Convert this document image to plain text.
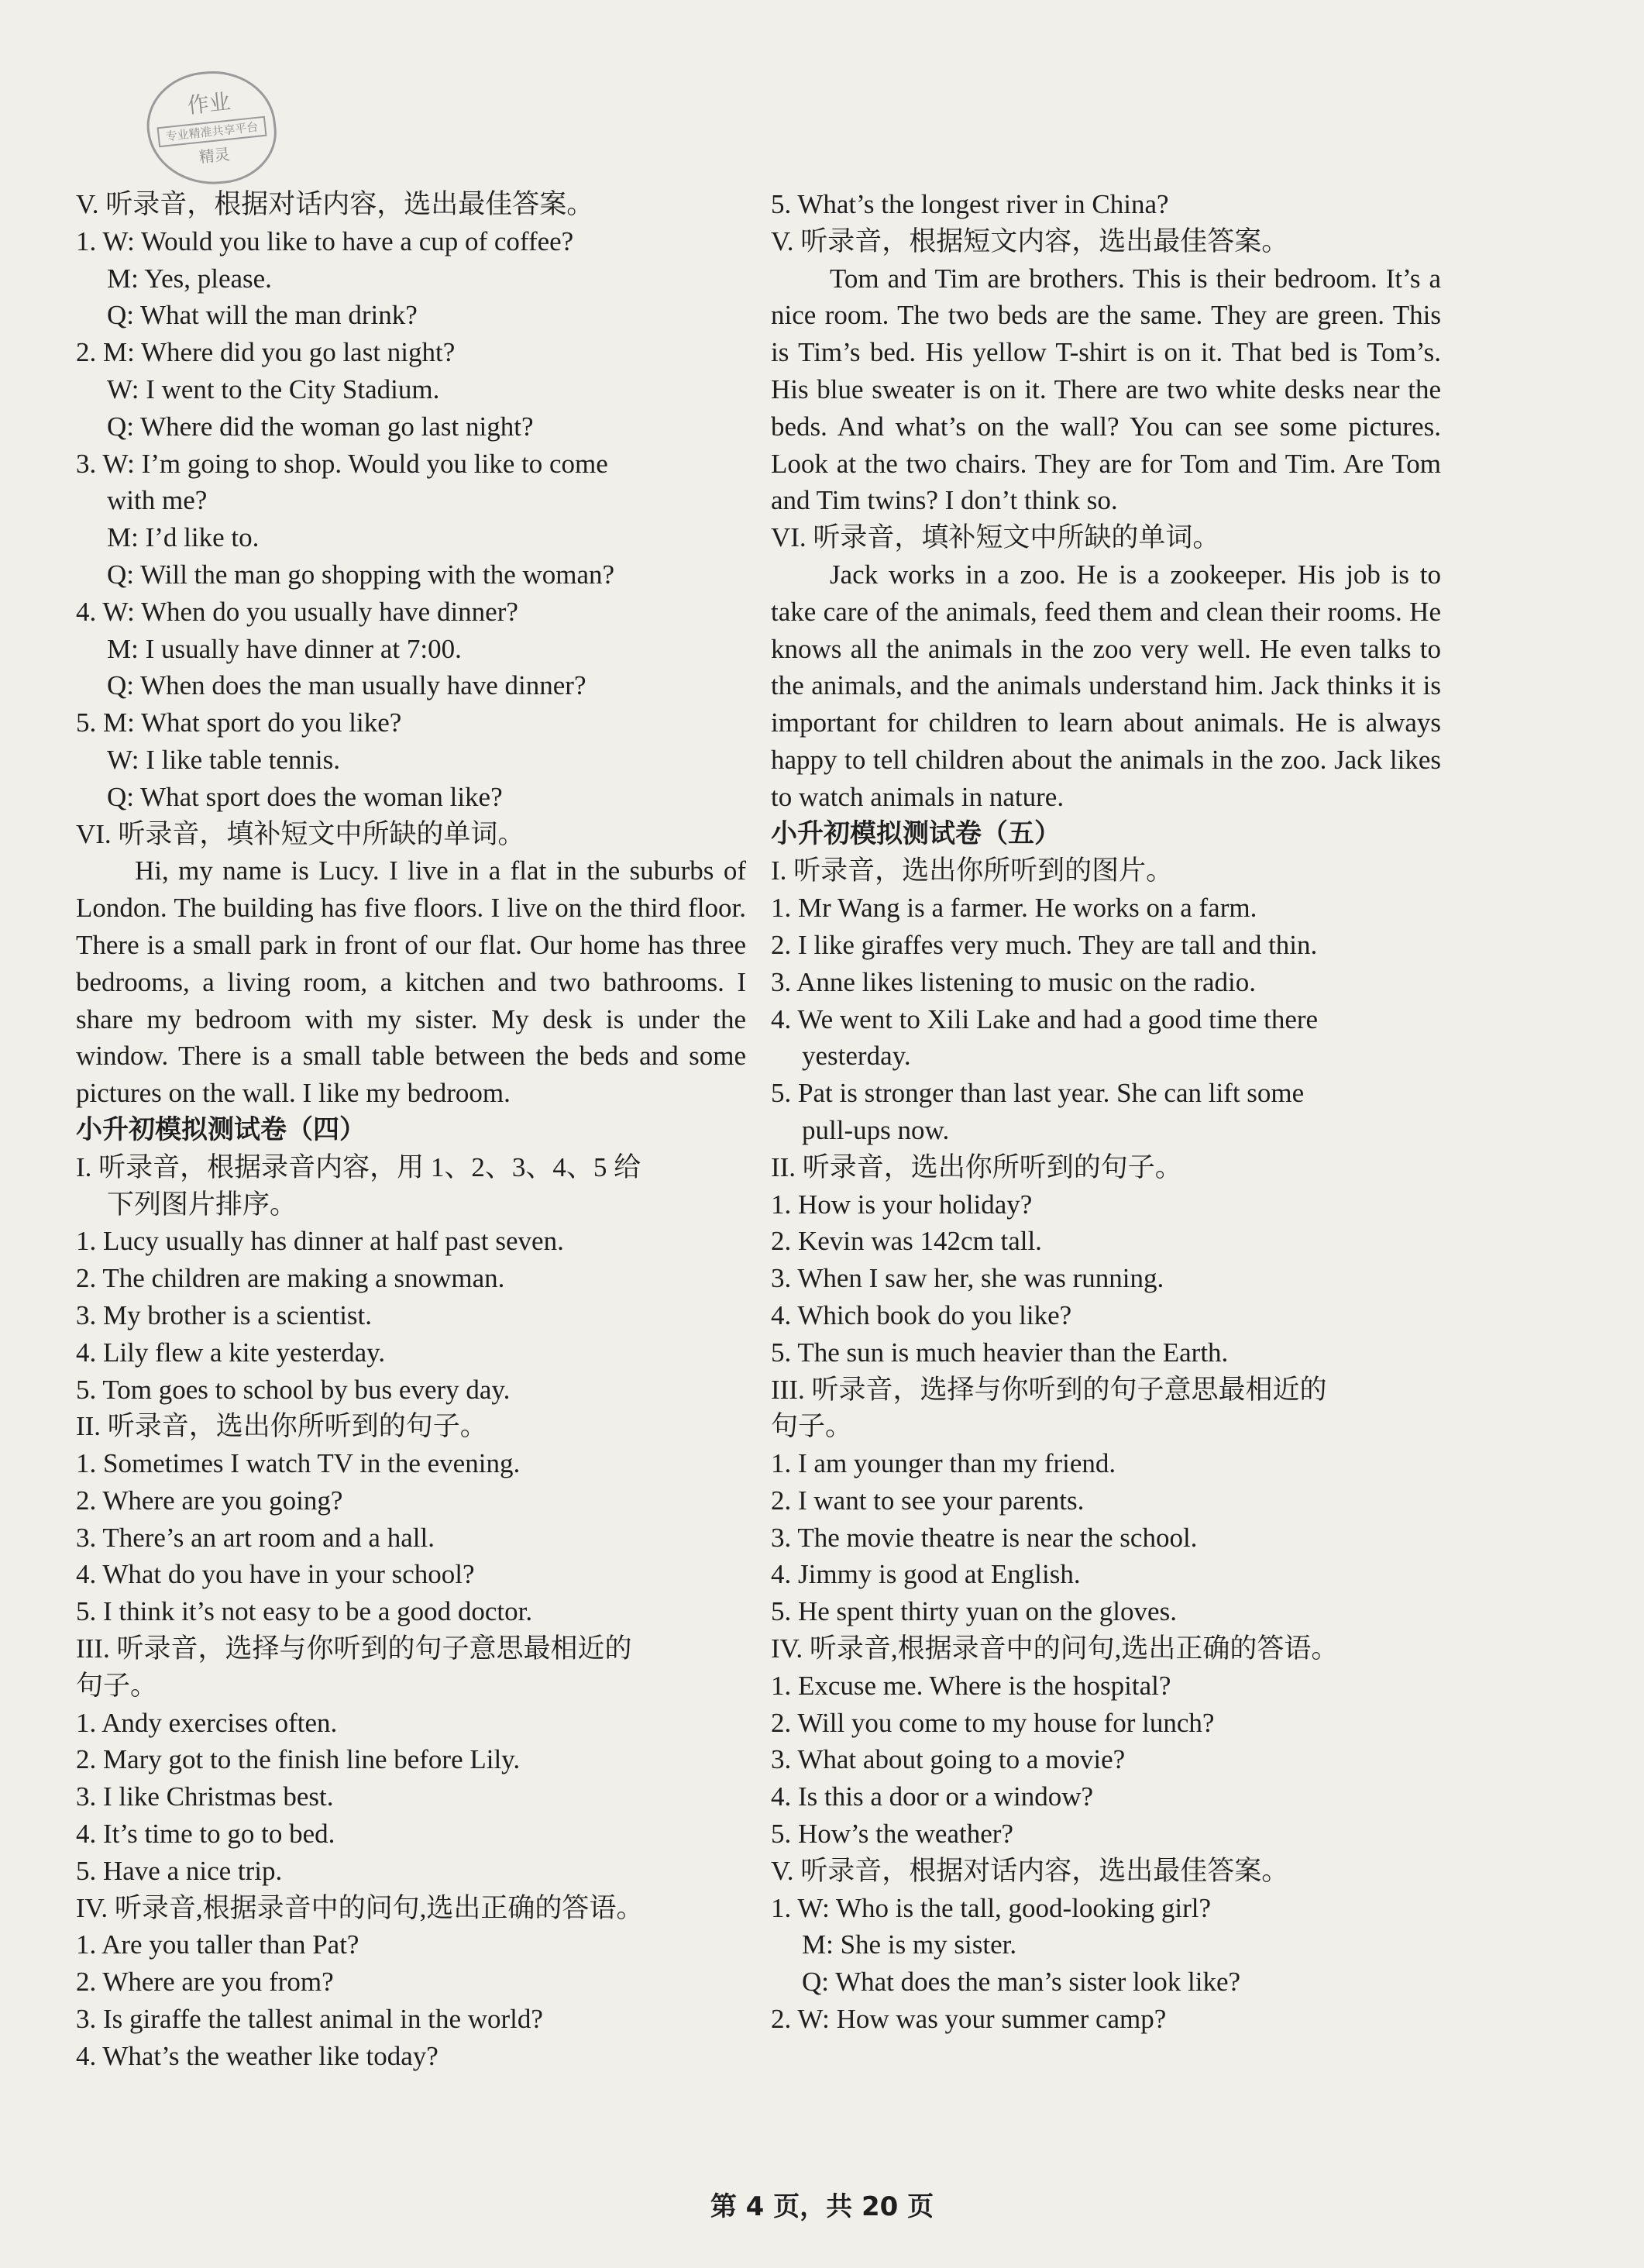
作业
专业精准共享平台
精灵
V. 听录音，根据对话内容，选出最佳答案。
1. W: Would you like to have a cup of coffee?
M: Yes, please.
Q: What will the man drink?
2. M: Where did you go last night?
W: I went to the City Stadium.
Q: Where did the woman go last night?
3. W: I’m going to shop. Would you like to come
with me?
M: I’d like to.
Q: Will the man go shopping with the woman?
4. W: When do you usually have dinner?
M: I usually have dinner at 7:00.
Q: When does the man usually have dinner?
5. M: What sport do you like?
W: I like table tennis.
Q: What sport does the woman like?
VI. 听录音，填补短文中所缺的单词。
Hi, my name is Lucy. I live in a flat in the suburbs of London. The building has five floors. I live on the third floor. There is a small park in front of our flat. Our home has three bedrooms, a living room, a kitchen and two bathrooms. I share my bedroom with my sister. My desk is under the window. There is a small table between the beds and some pictures on the wall. I like my bedroom.
小升初模拟测试卷（四）
I. 听录音，根据录音内容，用 1、2、3、4、5 给
下列图片排序。
1. Lucy usually has dinner at half past seven.
2. The children are making a snowman.
3. My brother is a scientist.
4. Lily flew a kite yesterday.
5. Tom goes to school by bus every day.
II. 听录音，选出你所听到的句子。
1. Sometimes I watch TV in the evening.
2. Where are you going?
3. There’s an art room and a hall.
4. What do you have in your school?
5. I think it’s not easy to be a good doctor.
III. 听录音，选择与你听到的句子意思最相近的
句子。
1. Andy exercises often.
2. Mary got to the finish line before Lily.
3. I like Christmas best.
4. It’s time to go to bed.
5. Have a nice trip.
IV. 听录音,根据录音中的问句,选出正确的答语。
1. Are you taller than Pat?
2. Where are you from?
3. Is giraffe the tallest animal in the world?
4. What’s the weather like today?
5. What’s the longest river in China?
V. 听录音，根据短文内容，选出最佳答案。
Tom and Tim are brothers. This is their bedroom. It’s a nice room. The two beds are the same. They are green. This is Tim’s bed. His yellow T-shirt is on it. That bed is Tom’s. His blue sweater is on it. There are two white desks near the beds. And what’s on the wall? You can see some pictures. Look at the two chairs. They are for Tom and Tim. Are Tom and Tim twins? I don’t think so.
VI. 听录音，填补短文中所缺的单词。
Jack works in a zoo. He is a zookeeper. His job is to take care of the animals, feed them and clean their rooms. He knows all the animals in the zoo very well. He even talks to the animals, and the animals understand him. Jack thinks it is important for children to learn about animals. He is always happy to tell children about the animals in the zoo. Jack likes to watch animals in nature.
小升初模拟测试卷（五）
I. 听录音，选出你所听到的图片。
1. Mr Wang is a farmer. He works on a farm.
2. I like giraffes very much. They are tall and thin.
3. Anne likes listening to music on the radio.
4. We went to Xili Lake and had a good time there
yesterday.
5. Pat is stronger than last year. She can lift some
pull-ups now.
II. 听录音，选出你所听到的句子。
1. How is your holiday?
2. Kevin was 142cm tall.
3. When I saw her, she was running.
4. Which book do you like?
5. The sun is much heavier than the Earth.
III. 听录音，选择与你听到的句子意思最相近的
句子。
1. I am younger than my friend.
2. I want to see your parents.
3. The movie theatre is near the school.
4. Jimmy is good at English.
5. He spent thirty yuan on the gloves.
IV. 听录音,根据录音中的问句,选出正确的答语。
1. Excuse me. Where is the hospital?
2. Will you come to my house for lunch?
3. What about going to a movie?
4. Is this a door or a window?
5. How’s the weather?
V. 听录音，根据对话内容，选出最佳答案。
1. W: Who is the tall, good-looking girl?
M: She is my sister.
Q: What does the man’s sister look like?
2. W: How was your summer camp?
第 4 页，共 20 页
